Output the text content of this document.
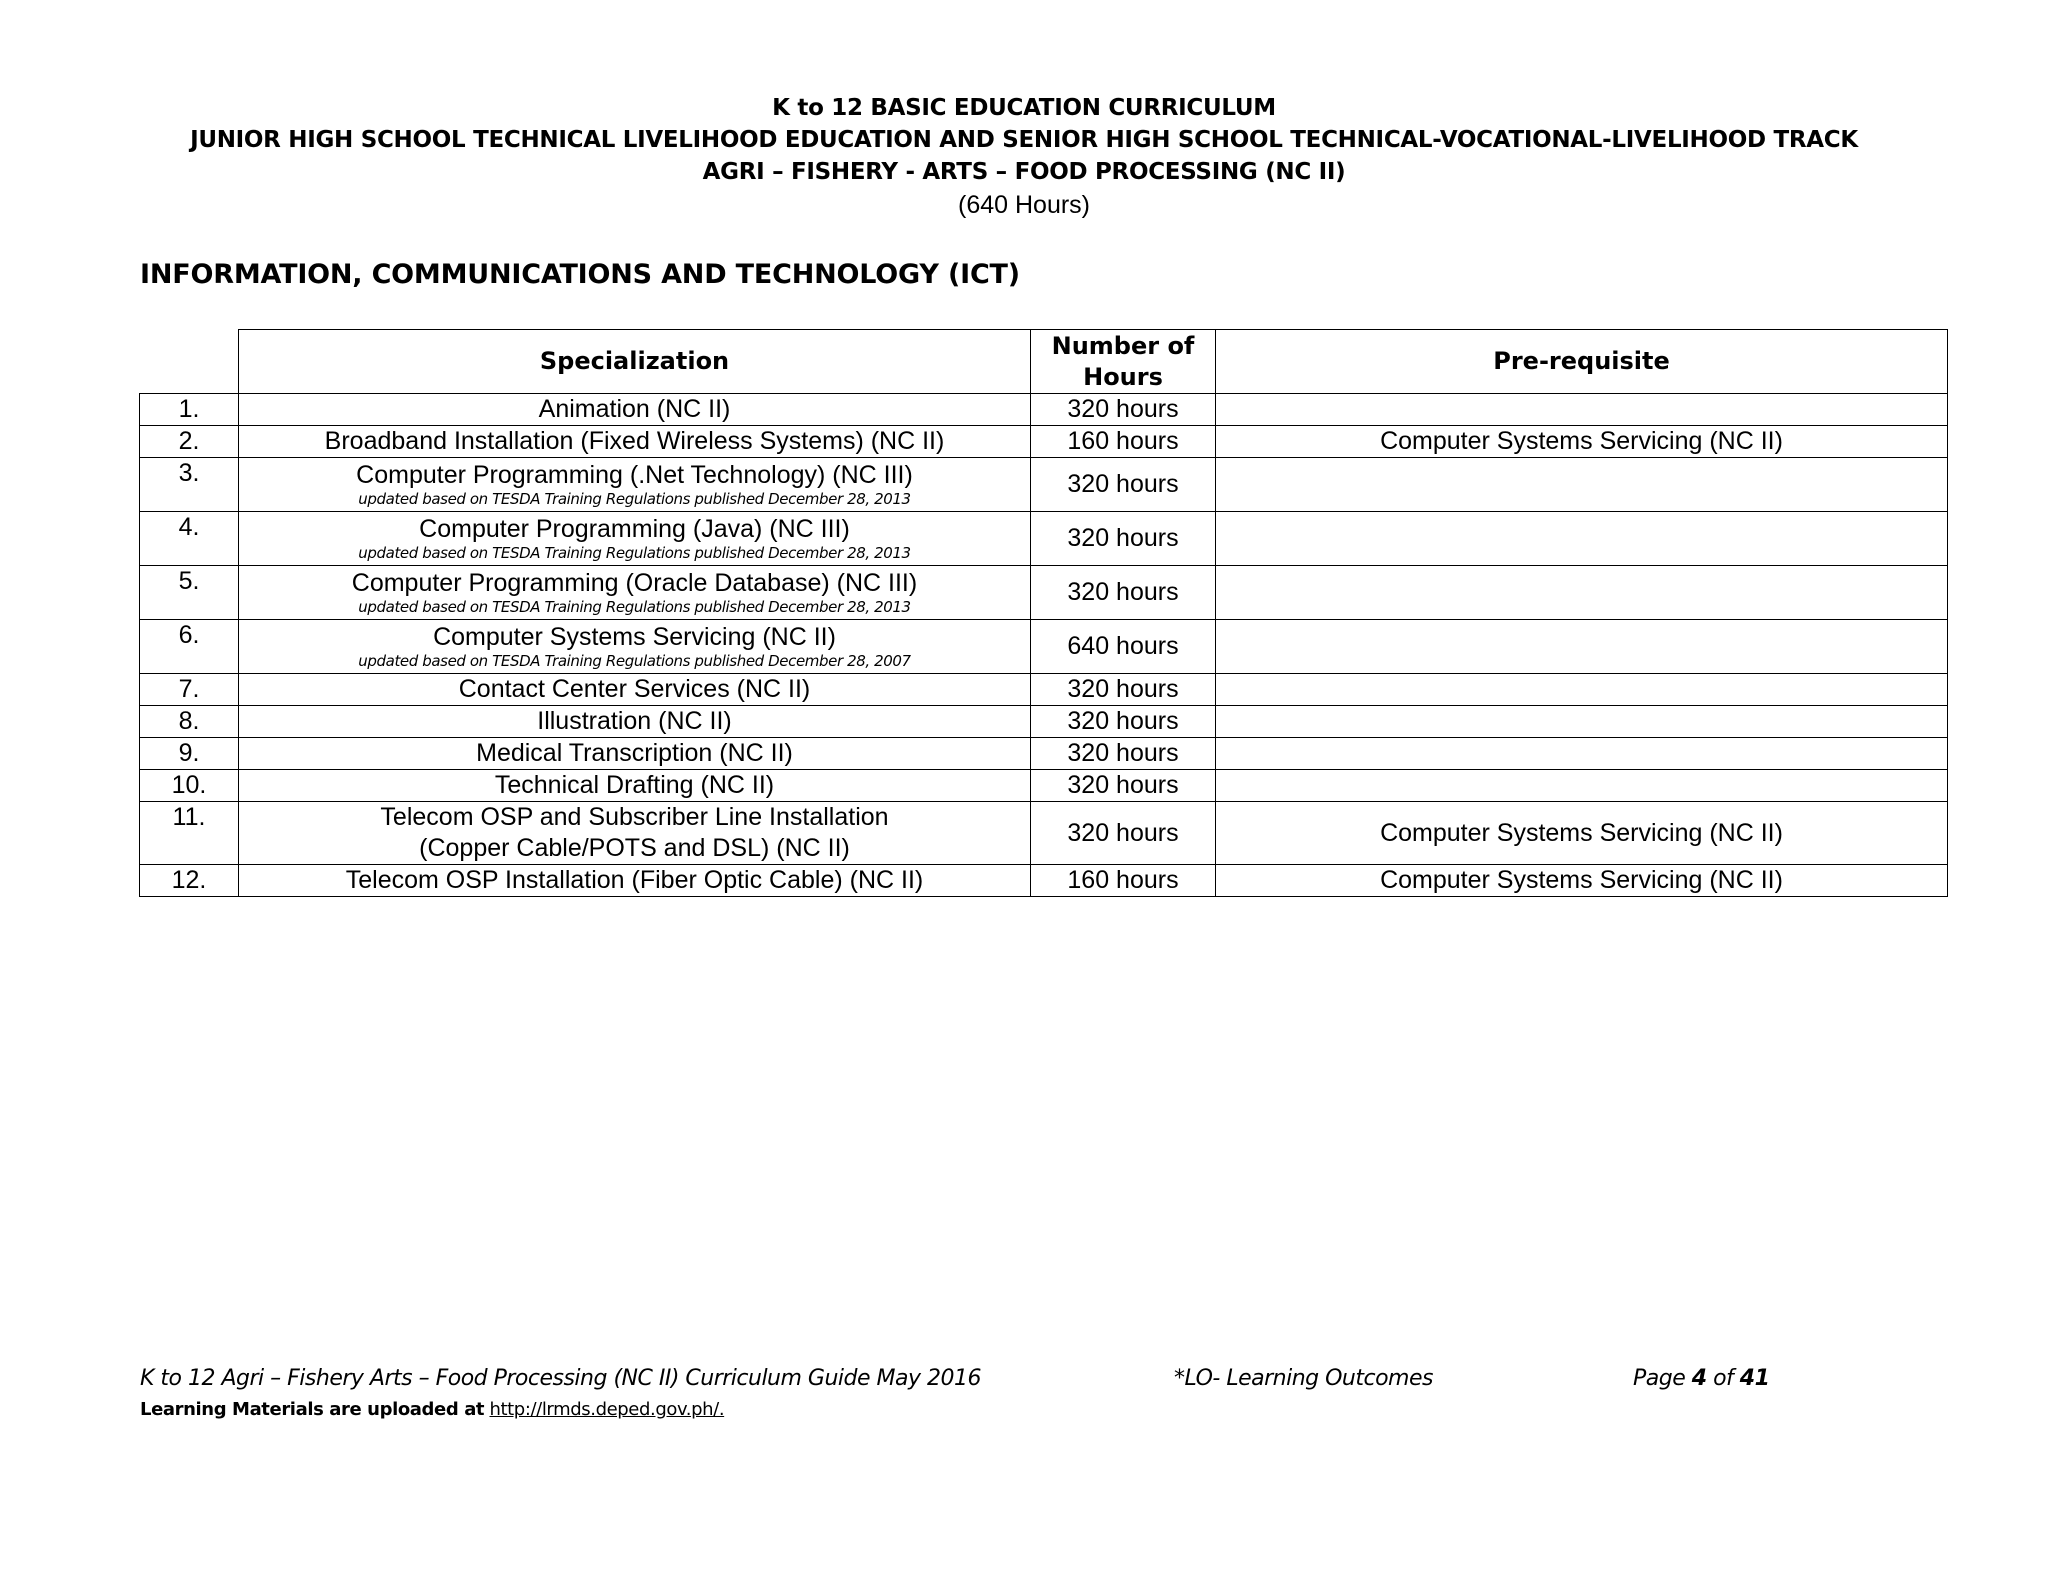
K to 12 BASIC EDUCATION CURRICULUM
JUNIOR HIGH SCHOOL TECHNICAL LIVELIHOOD EDUCATION AND SENIOR HIGH SCHOOL TECHNICAL-VOCATIONAL-LIVELIHOOD TRACK
AGRI – FISHERY - ARTS – FOOD PROCESSING (NC II)
(640 Hours)
INFORMATION, COMMUNICATIONS AND TECHNOLOGY (ICT)
	Specialization	Number of Hours	Pre-requisite
1.	Animation (NC II)	320 hours	
2.	Broadband Installation (Fixed Wireless Systems) (NC II)	160 hours	Computer Systems Servicing (NC II)
3.	Computer Programming (.Net Technology) (NC III)
updated based on TESDA Training Regulations published December 28, 2013	320 hours	
4.	Computer Programming (Java) (NC III)
updated based on TESDA Training Regulations published December 28, 2013	320 hours	
5.	Computer Programming (Oracle Database) (NC III)
updated based on TESDA Training Regulations published December 28, 2013	320 hours	
6.	Computer Systems Servicing (NC II)
updated based on TESDA Training Regulations published December 28, 2007	640 hours	
7.	Contact Center Services (NC II)	320 hours	
8.	Illustration (NC II)	320 hours	
9.	Medical Transcription (NC II)	320 hours	
10.	Technical Drafting (NC II)	320 hours	
11.	Telecom OSP and Subscriber Line Installation
(Copper Cable/POTS and DSL) (NC II)	320 hours	Computer Systems Servicing (NC II)
12.	Telecom OSP Installation (Fiber Optic Cable) (NC II)	160 hours	Computer Systems Servicing (NC II)
K to 12 Agri – Fishery Arts – Food Processing (NC II) Curriculum Guide May 2016	*LO- Learning Outcomes	Page 4 of 41
Learning Materials are uploaded at http://lrmds.deped.gov.ph/.
